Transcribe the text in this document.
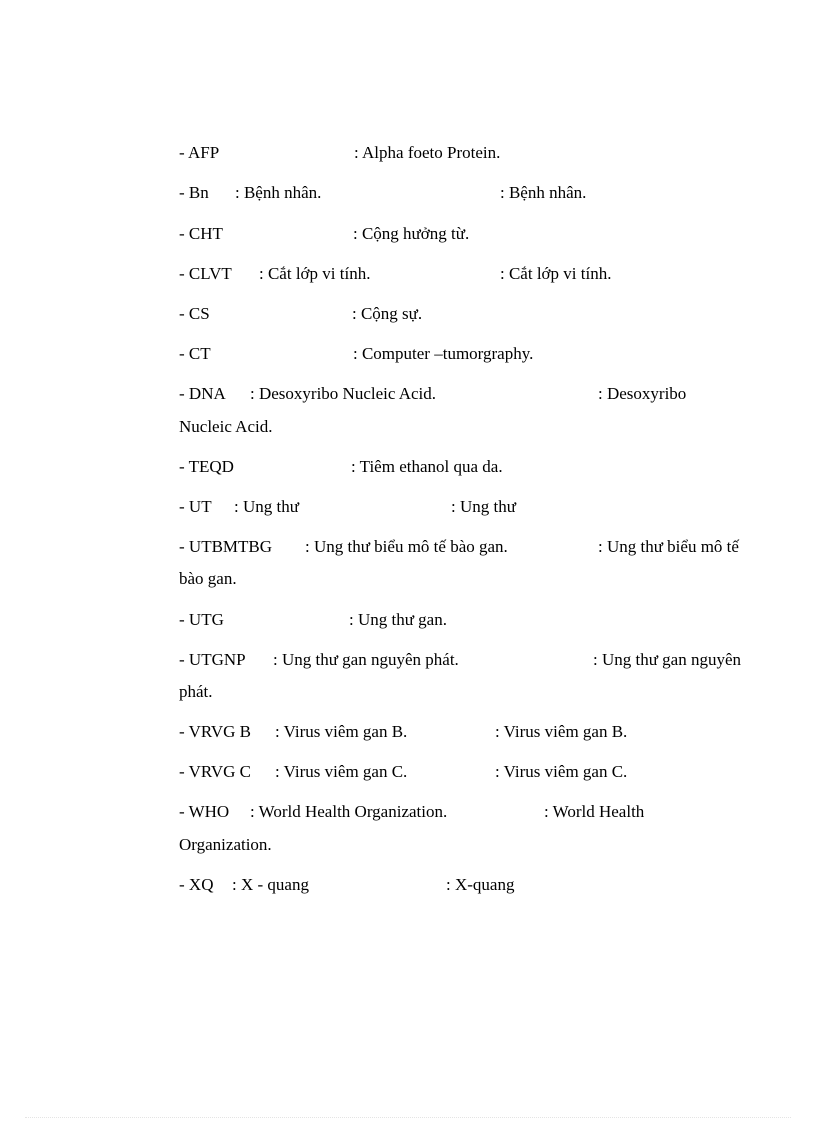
- AFP	: Alpha foeto Protein.
- Bn : Bệnh nhân.	: Bệnh nhân.
- CHT	: Cộng hưởng từ.
- CLVT : Cắt lớp vi tính.	: Cắt lớp vi tính.
- CS	: Cộng sự.
- CT	: Computer –tumorgraphy.
- DNA : Desoxyribo Nucleic Acid.	: Desoxyribo
Nucleic Acid.
- TEQD	: Tiêm ethanol qua da.
- UT : Ung thư	: Ung thư
- UTBMTBG : Ung thư biểu mô tế bào gan.	: Ung thư biểu mô tế
bào gan.
- UTG	: Ung thư gan.
- UTGNP : Ung thư gan nguyên phát.	: Ung thư gan nguyên
phát.
- VRVG B : Virus viêm gan B.	: Virus viêm gan B.
- VRVG C : Virus viêm gan C.	: Virus viêm gan C.
- WHO : World Health Organization.	: World Health
Organization.
- XQ : X - quang	: X-quang
